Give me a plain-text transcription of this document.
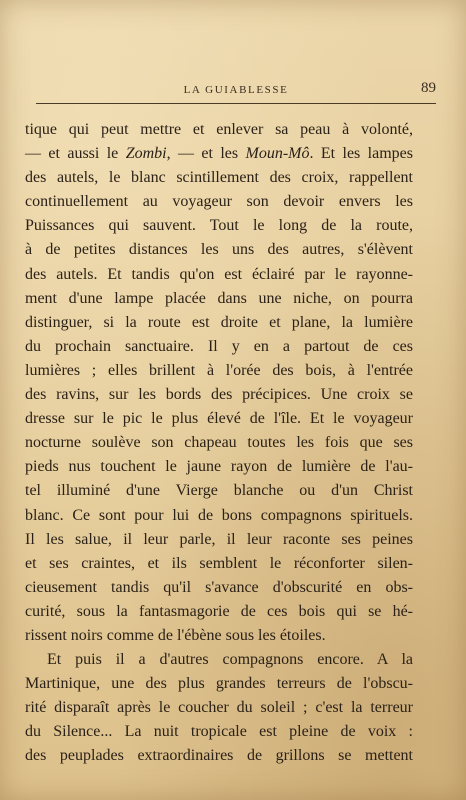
LA GUIABLESSE	89
tique qui peut mettre et enlever sa peau à volonté,
— et aussi le Zombi, — et les Moun-Mô. Et les lampes
des autels, le blanc scintillement des croix, rappellent
continuellement au voyageur son devoir envers les
Puissances qui sauvent. Tout le long de la route,
à de petites distances les uns des autres, s'élèvent
des autels. Et tandis qu'on est éclairé par le rayonne-
ment d'une lampe placée dans une niche, on pourra
distinguer, si la route est droite et plane, la lumière
du prochain sanctuaire. Il y en a partout de ces
lumières ; elles brillent à l'orée des bois, à l'entrée
des ravins, sur les bords des précipices. Une croix se
dresse sur le pic le plus élevé de l'île. Et le voyageur
nocturne soulève son chapeau toutes les fois que ses
pieds nus touchent le jaune rayon de lumière de l'au-
tel illuminé d'une Vierge blanche ou d'un Christ
blanc. Ce sont pour lui de bons compagnons spirituels.
Il les salue, il leur parle, il leur raconte ses peines
et ses craintes, et ils semblent le réconforter silen-
cieusement tandis qu'il s'avance d'obscurité en obs-
curité, sous la fantasmagorie de ces bois qui se hé-
rissent noirs comme de l'ébène sous les étoiles.
Et puis il a d'autres compagnons encore. A la
Martinique, une des plus grandes terreurs de l'obscu-
rité disparaît après le coucher du soleil ; c'est la terreur
du Silence... La nuit tropicale est pleine de voix :
des peuplades extraordinaires de grillons se mettent
